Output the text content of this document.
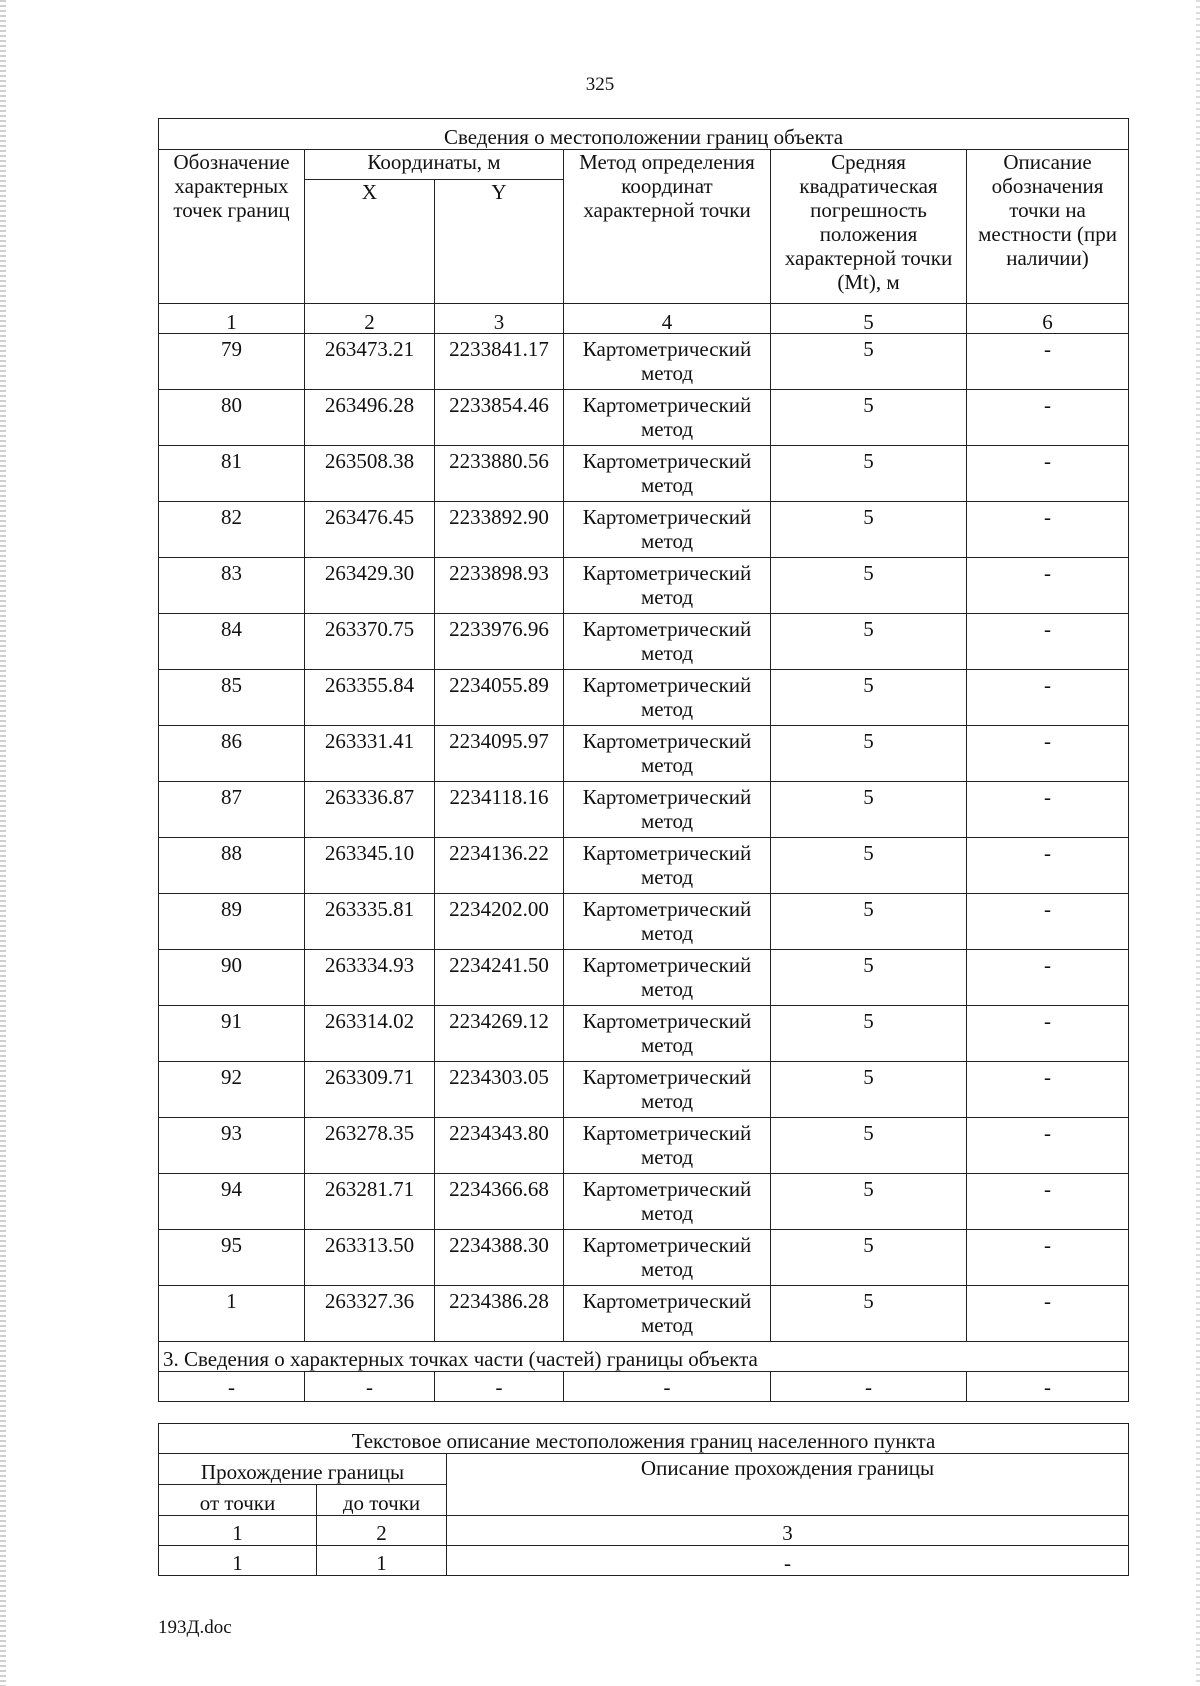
325
Сведения о местоположении границ объекта					
Обозначение характерных точек границ	Координаты, м		Метод определения координат характерной точки	Средняя квадратическая погрешность положения характерной точки (Mt), м	Описание обозначения точки на местности (при наличии)
	X	Y			
1	2	3	4	5	6
79	263473.21	2233841.17	Картометрический метод	5	-
80	263496.28	2233854.46	Картометрический метод	5	-
81	263508.38	2233880.56	Картометрический метод	5	-
82	263476.45	2233892.90	Картометрический метод	5	-
83	263429.30	2233898.93	Картометрический метод	5	-
84	263370.75	2233976.96	Картометрический метод	5	-
85	263355.84	2234055.89	Картометрический метод	5	-
86	263331.41	2234095.97	Картометрический метод	5	-
87	263336.87	2234118.16	Картометрический метод	5	-
88	263345.10	2234136.22	Картометрический метод	5	-
89	263335.81	2234202.00	Картометрический метод	5	-
90	263334.93	2234241.50	Картометрический метод	5	-
91	263314.02	2234269.12	Картометрический метод	5	-
92	263309.71	2234303.05	Картометрический метод	5	-
93	263278.35	2234343.80	Картометрический метод	5	-
94	263281.71	2234366.68	Картометрический метод	5	-
95	263313.50	2234388.30	Картометрический метод	5	-
1	263327.36	2234386.28	Картометрический метод	5	-
3. Сведения о характерных точках части (частей) границы объекта					
-	-	-	-	-	-
Текстовое описание местоположения границ населенного пункта		
Прохождение границы		Описание прохождения границы
от точки	до точки	
1	2	3
1	1	-
193Д.doc
